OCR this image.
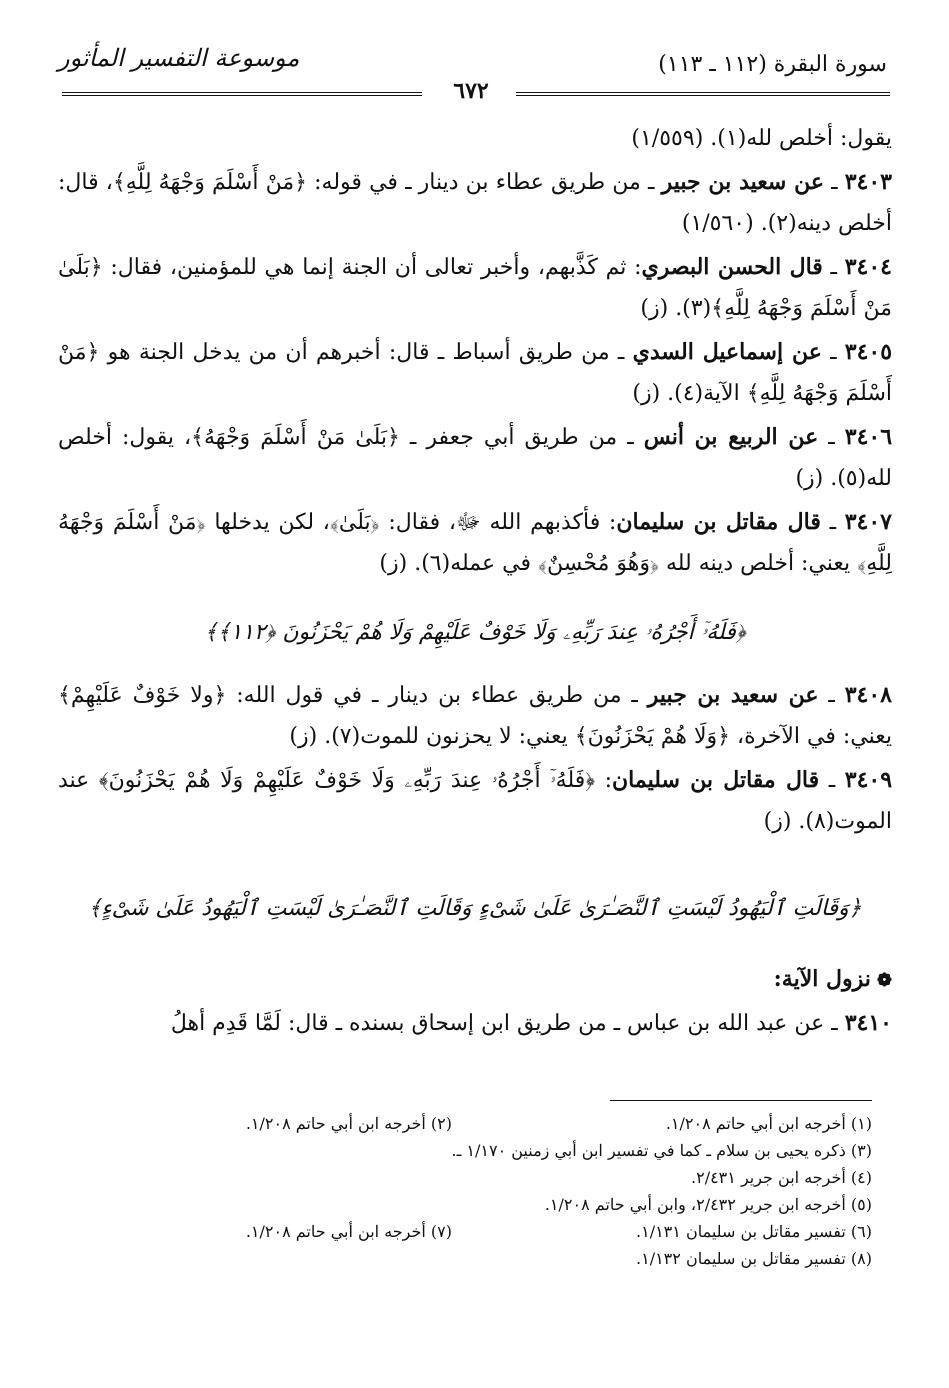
موسوعة التفسير المأثور	سورة البقرة (١١٢ ـ ١١٣)
٦٧٢

يقول: أخلص لله(١). (١/٥٥٩)

٣٤٠٣ ـ عن سعيد بن جبير ـ من طريق عطاء بن دينار ـ في قوله: ﴿مَنْ أَسْلَمَ وَجْهَهُ لِلَّهِ﴾، قال: أخلص دينه(٢). (١/٥٦٠)

٣٤٠٤ ـ قال الحسن البصري: ثم كَذَّبهم، وأخبر تعالى أن الجنة إنما هي للمؤمنين، فقال: ﴿بَلَىٰ مَنْ أَسْلَمَ وَجْهَهُ لِلَّهِ﴾(٣). (ز)

٣٤٠٥ ـ عن إسماعيل السدي ـ من طريق أسباط ـ قال: أخبرهم أن من يدخل الجنة هو ﴿مَنْ أَسْلَمَ وَجْهَهُ لِلَّهِ﴾ الآية(٤). (ز)

٣٤٠٦ ـ عن الربيع بن أنس ـ من طريق أبي جعفر ـ ﴿بَلَىٰ مَنْ أَسْلَمَ وَجْهَهُ﴾، يقول: أخلص لله(٥). (ز)

٣٤٠٧ ـ قال مقاتل بن سليمان: فأكذبهم الله ﷻ، فقال: ﴿بَلَىٰ﴾، لكن يدخلها ﴿مَنْ أَسْلَمَ وَجْهَهُ لِلَّهِ﴾ يعني: أخلص دينه لله ﴿وَهُوَ مُحْسِنٌ﴾ في عمله(٦). (ز)

﴿فَلَهُۥٓ أَجْرُهُۥ عِندَ رَبِّهِۦ وَلَا خَوْفٌ عَلَيْهِمْ وَلَا هُمْ يَحْزَنُونَ ﴿١١٢﴾﴾

٣٤٠٨ ـ عن سعيد بن جبير ـ من طريق عطاء بن دينار ـ في قول الله: ﴿ولا خَوْفٌ عَلَيْهِمْ﴾ يعني: في الآخرة، ﴿وَلَا هُمْ يَحْزَنُونَ﴾ يعني: لا يحزنون للموت(٧). (ز)

٣٤٠٩ ـ قال مقاتل بن سليمان: ﴿فَلَهُۥٓ أَجْرُهُۥ عِندَ رَبِّهِۦ وَلَا خَوْفٌ عَلَيْهِمْ وَلَا هُمْ يَحْزَنُونَ﴾ عند الموت(٨). (ز)

﴿وَقَالَتِ ٱلْيَهُودُ لَيْسَتِ ٱلنَّصَـٰرَىٰ عَلَىٰ شَىْءٍ وَقَالَتِ ٱلنَّصَـٰرَىٰ لَيْسَتِ ٱلْيَهُودُ عَلَىٰ شَىْءٍ﴾
❁نزول الآية:

٣٤١٠ ـ عن عبد الله بن عباس ـ من طريق ابن إسحاق بسنده ـ قال: لَمَّا قَدِم أهلُ

(١) أخرجه ابن أبي حاتم ١/٢٠٨.
(٢) أخرجه ابن أبي حاتم ١/٢٠٨.
(٣) ذكره يحيى بن سلام ـ كما في تفسير ابن أبي زمنين ١/١٧٠ ـ.
(٤) أخرجه ابن جرير ٢/٤٣١.
(٥) أخرجه ابن جرير ٢/٤٣٢، وابن أبي حاتم ١/٢٠٨.
(٦) تفسير مقاتل بن سليمان ١/١٣١.
(٧) أخرجه ابن أبي حاتم ١/٢٠٨.
(٨) تفسير مقاتل بن سليمان ١/١٣٢.
